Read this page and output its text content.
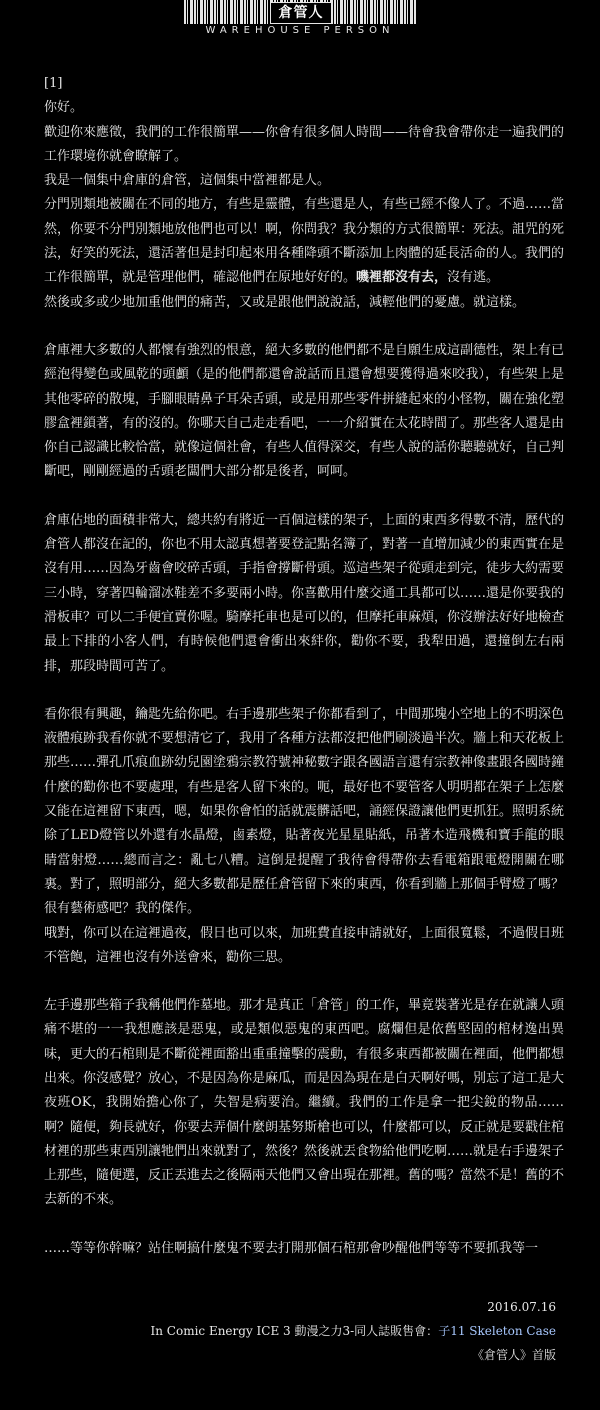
倉管人
WAREHOUSE PERSON

[1]

你好。

歡迎你來應徵，我們的工作很簡單——你會有很多個人時間——待會我會帶你走一遍我們的工作環境你就會瞭解了。

我是一個集中倉庫的倉管，這個集中當裡都是人。

分門別類地被關在不同的地方，有些是靈體，有些還是人，有些已經不像人了。不過……當然，你要不分門別類地放他們也可以！啊，你問我？我分類的方式很簡單：死法。詛咒的死法，好笑的死法，還活著但是封印起來用各種降頭不斷添加上肉體的延長活命的人。我們的工作很簡單，就是管理他們，確認他們在原地好好的。嘰裡都沒有去，沒有逃。

然後或多或少地加重他們的痛苦，又或是跟他們說說話，減輕他們的憂慮。就這樣。

倉庫裡大多數的人都懷有強烈的恨意，絕大多數的他們都不是自願生成這副德性，架上有已經泡得變色或風乾的頭顱（是的他們都還會說話而且還會想要獲得過來咬我），有些架上是其他零碎的散塊，手腳眼睛鼻子耳朵舌頭，或是用那些零件拼縫起來的小怪物，關在強化塑膠盒裡鎖著，有的沒的。你哪天自己走走看吧，一一介紹實在太花時間了。那些客人還是由你自己認識比較恰當，就像這個社會，有些人值得深交，有些人說的話你聽聽就好，自己判斷吧，剛剛經過的舌頭老闆們大部分都是後者，呵呵。

倉庫佔地的面積非常大，總共約有將近一百個這樣的架子，上面的東西多得數不清，歷代的倉管人都沒在記的，你也不用太認真想著要登記點名簿了，對著一直增加減少的東西實在是沒有用……因為牙齒會咬碎舌頭，手指會撐斷骨頭。巡這些架子從頭走到完，徒步大約需要三小時，穿著四輪溜冰鞋差不多要兩小時。你喜歡用什麼交通工具都可以……還是你要我的滑板車？可以二手便宜賣你喔。騎摩托車也是可以的，但摩托車麻煩，你沒辦法好好地檢查最上下排的小客人們，有時候他們還會衝出來絆你，勸你不要，我犁田過，還撞倒左右兩排，那段時間可苦了。

看你很有興趣，鑰匙先給你吧。右手邊那些架子你都看到了，中間那塊小空地上的不明深色液體痕跡我看你就不要想清它了，我用了各種方法都沒把他們刷淡過半次。牆上和天花板上那些……彈孔爪痕血跡幼兒園塗鴉宗教符號神秘數字跟各國語言還有宗教神像畫跟各國時鐘什麼的勸你也不要處理，有些是客人留下來的。呃，最好也不要管客人明明都在架子上怎麼又能在這裡留下東西，嗯，如果你會怕的話就震髒話吧，誦經保證讓他們更抓狂。照明系統除了LED燈管以外還有水晶燈，鹵素燈，貼著夜光星星貼紙，吊著木造飛機和寶手龍的眼睛當射燈……總而言之：亂七八糟。這倒是提醒了我待會得帶你去看電箱跟電燈開關在哪裏。對了，照明部分，絕大多數都是歷任倉管留下來的東西，你看到牆上那個手臂燈了嗎？很有藝術感吧？我的傑作。

哦對，你可以在這裡過夜，假日也可以來，加班費直接申請就好，上面很寬鬆，不過假日班不管飽，這裡也沒有外送會來，勸你三思。

左手邊那些箱子我稱他們作墓地。那才是真正「倉管」的工作，畢竟裝著光是存在就讓人頭痛不堪的一一我想應該是惡鬼，或是類似惡鬼的東西吧。腐爛但是依舊堅固的棺材逸出異味，更大的石棺則是不斷從裡面豁出重重撞擊的震動，有很多東西都被關在裡面，他們都想出來。你沒感覺？放心，不是因為你是麻瓜，而是因為現在是白天啊好嗎，別忘了這工是大夜班OK，我開始擔心你了，失智是病要治。繼續。我們的工作是拿一把尖銳的物品……啊？隨便，夠長就好，你要去弄個什麼朗基努斯槍也可以，什麼都可以，反正就是要戳住棺材裡的那些東西別讓牠們出來就對了，然後？然後就丟食物給他們吃啊……就是右手邊架子上那些，隨便選，反正丟進去之後隔兩天他們又會出現在那裡。舊的嗎？當然不是！舊的不去新的不來。

……等等你幹嘛？站住啊搞什麼鬼不要去打開那個石棺那會吵醒他們等等不要抓我等一

2016.07.16

In Comic Energy ICE 3 動漫之力3-同人誌販售會：子11 Skeleton Case

《倉管人》首版
